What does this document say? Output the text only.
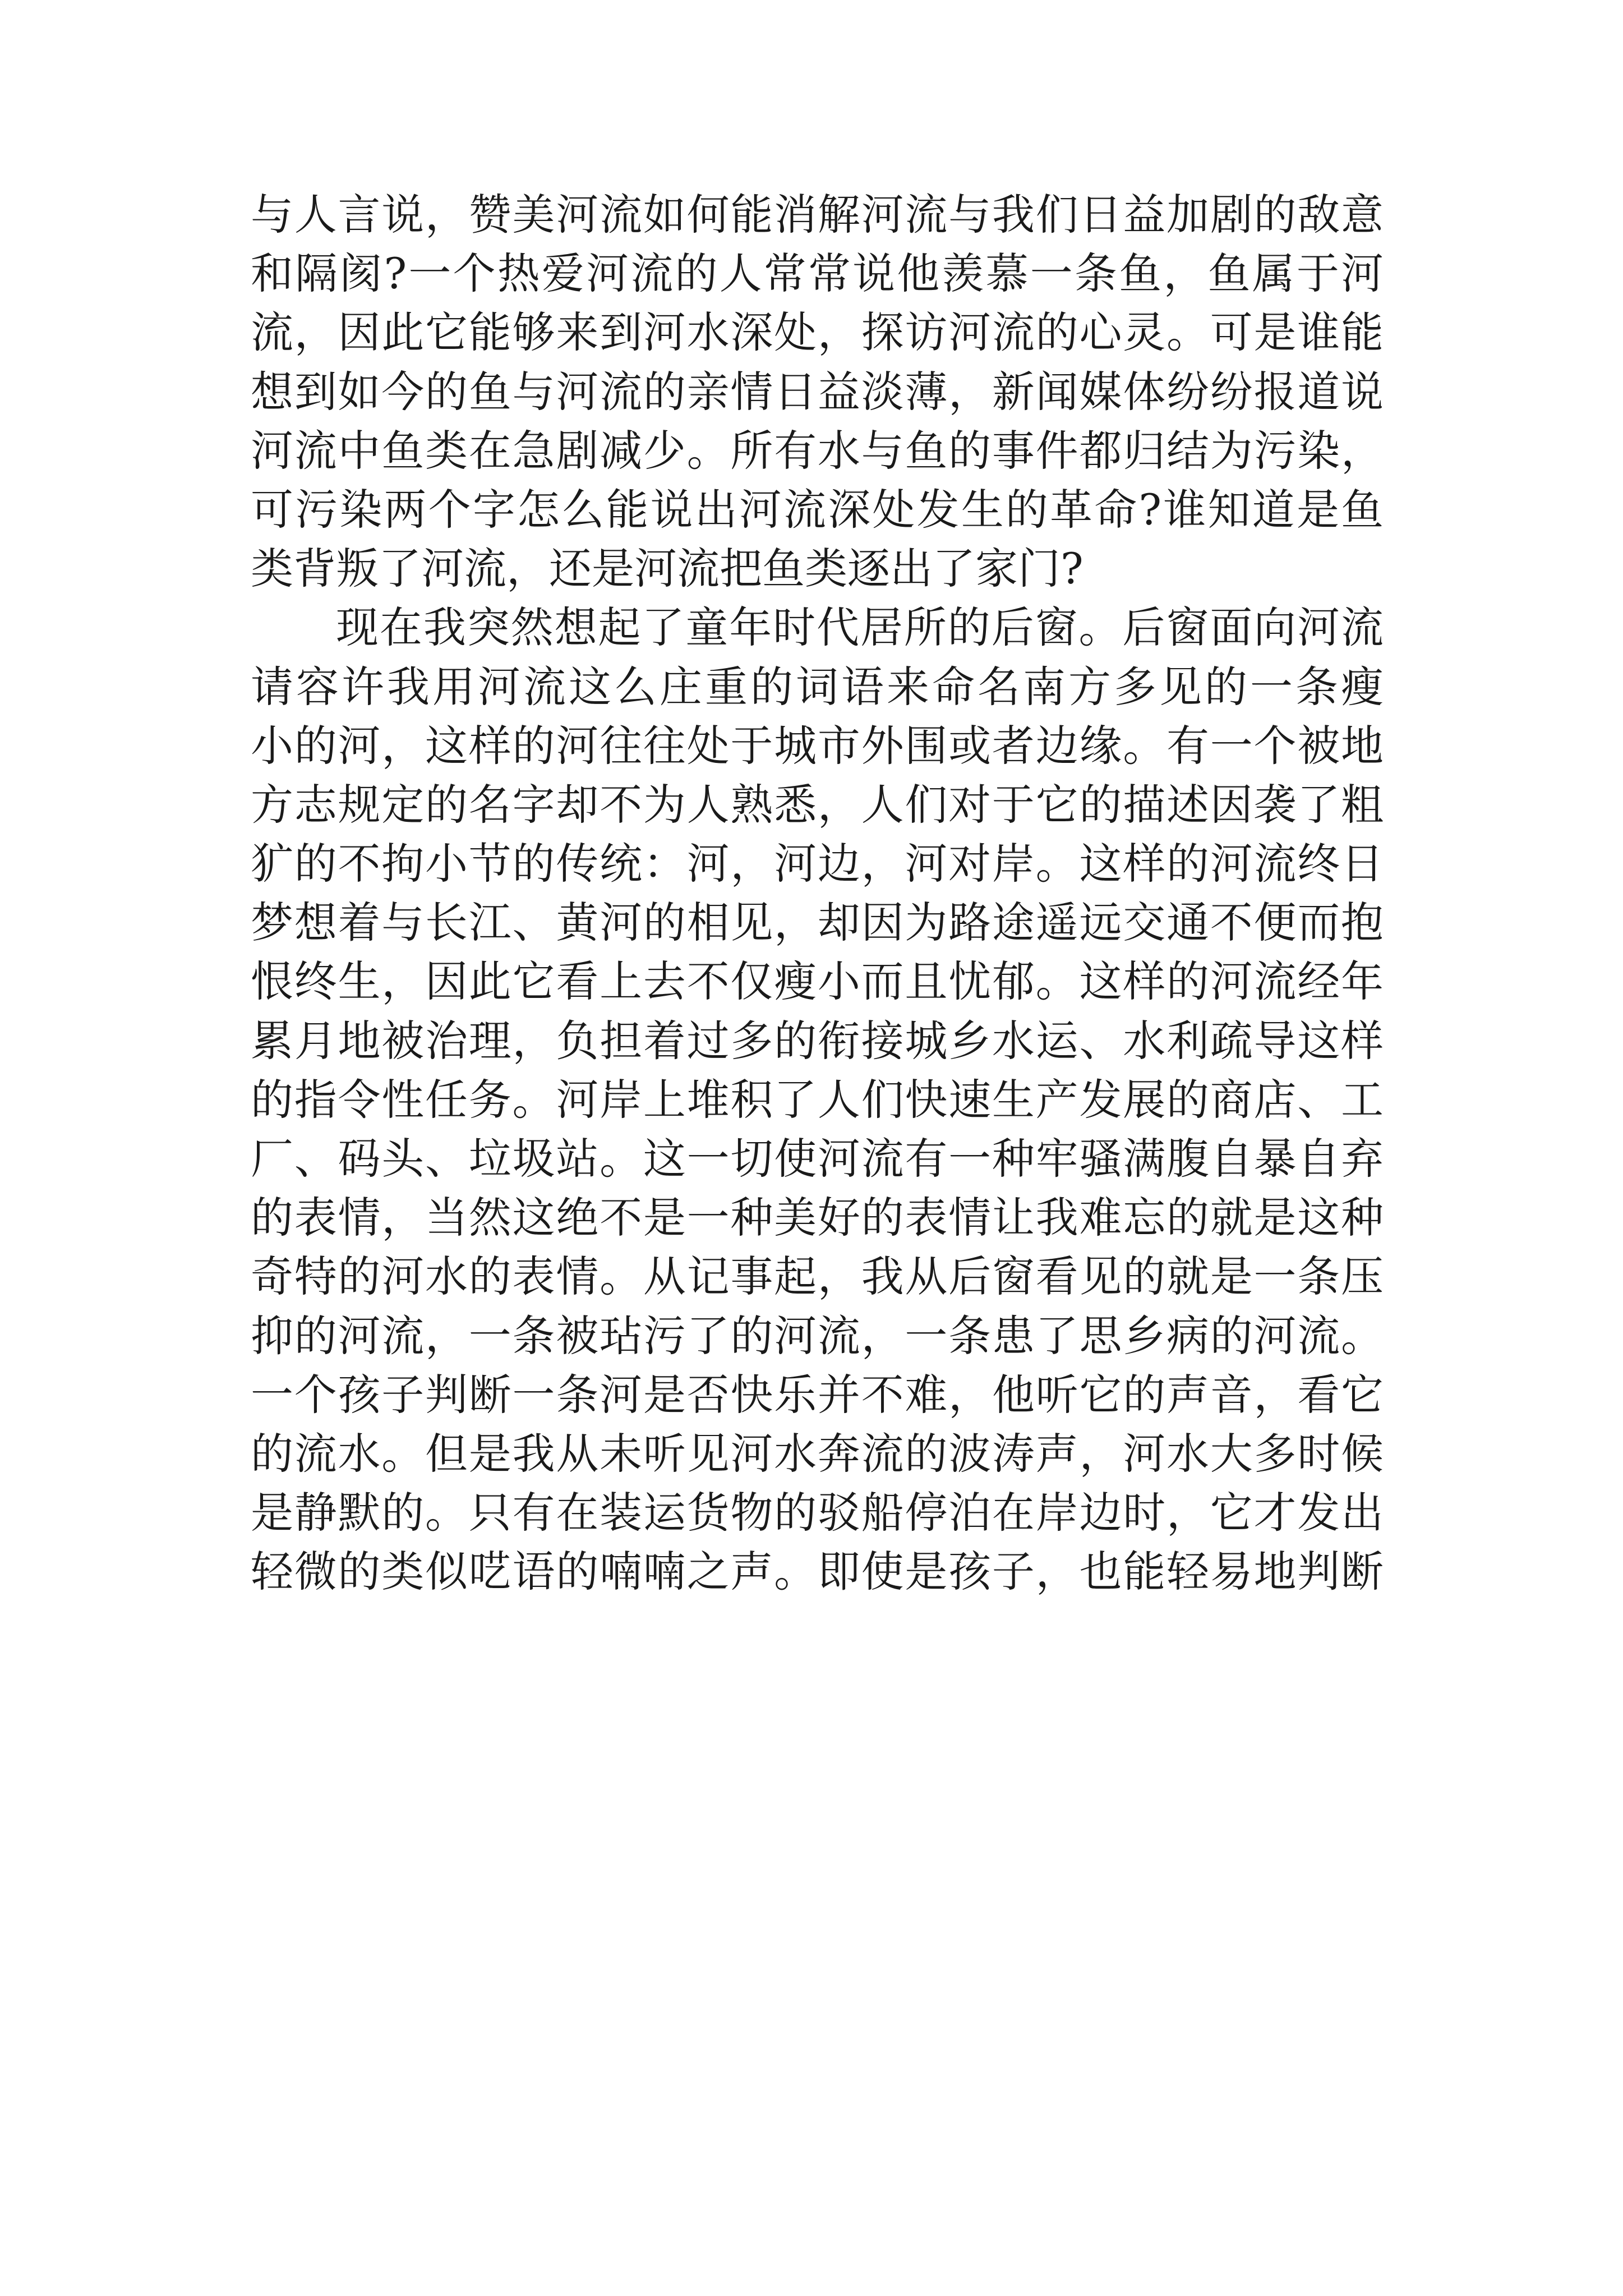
与人言说，赞美河流如何能消解河流与我们日益加剧的敌意
和隔阂?一个热爱河流的人常常说他羡慕一条鱼，鱼属于河
流，因此它能够来到河水深处，探访河流的心灵。可是谁能
想到如今的鱼与河流的亲情日益淡薄，新闻媒体纷纷报道说
河流中鱼类在急剧减少。所有水与鱼的事件都归结为污染，
可污染两个字怎么能说出河流深处发生的革命?谁知道是鱼
类背叛了河流，还是河流把鱼类逐出了家门?
现在我突然想起了童年时代居所的后窗。后窗面向河流
请容许我用河流这么庄重的词语来命名南方多见的一条瘦
小的河，这样的河往往处于城市外围或者边缘。有一个被地
方志规定的名字却不为人熟悉，人们对于它的描述因袭了粗
犷的不拘小节的传统：河，河边，河对岸。这样的河流终日
梦想着与长江、黄河的相见，却因为路途遥远交通不便而抱
恨终生，因此它看上去不仅瘦小而且忧郁。这样的河流经年
累月地被治理，负担着过多的衔接城乡水运、水利疏导这样
的指令性任务。河岸上堆积了人们快速生产发展的商店、工
厂、码头、垃圾站。这一切使河流有一种牢骚满腹自暴自弃
的表情，当然这绝不是一种美好的表情让我难忘的就是这种
奇特的河水的表情。从记事起，我从后窗看见的就是一条压
抑的河流，一条被玷污了的河流，一条患了思乡病的河流。
一个孩子判断一条河是否快乐并不难，他听它的声音，看它
的流水。但是我从未听见河水奔流的波涛声，河水大多时候
是静默的。只有在装运货物的驳船停泊在岸边时，它才发出
轻微的类似呓语的喃喃之声。即使是孩子，也能轻易地判断
